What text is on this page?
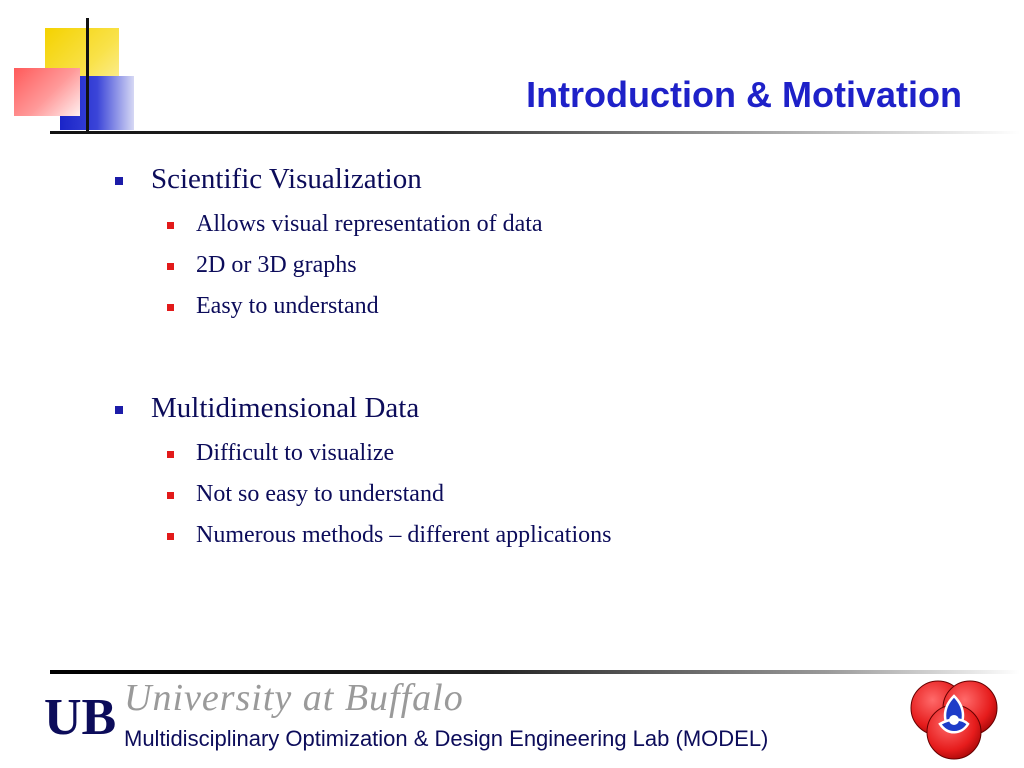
Introduction & Motivation
Scientific Visualization
Allows visual representation of data
2D or 3D graphs
Easy to understand
Multidimensional Data
Difficult to visualize
Not so easy to understand
Numerous methods – different applications
UB University at Buffalo
Multidisciplinary Optimization & Design Engineering Lab (MODEL)
